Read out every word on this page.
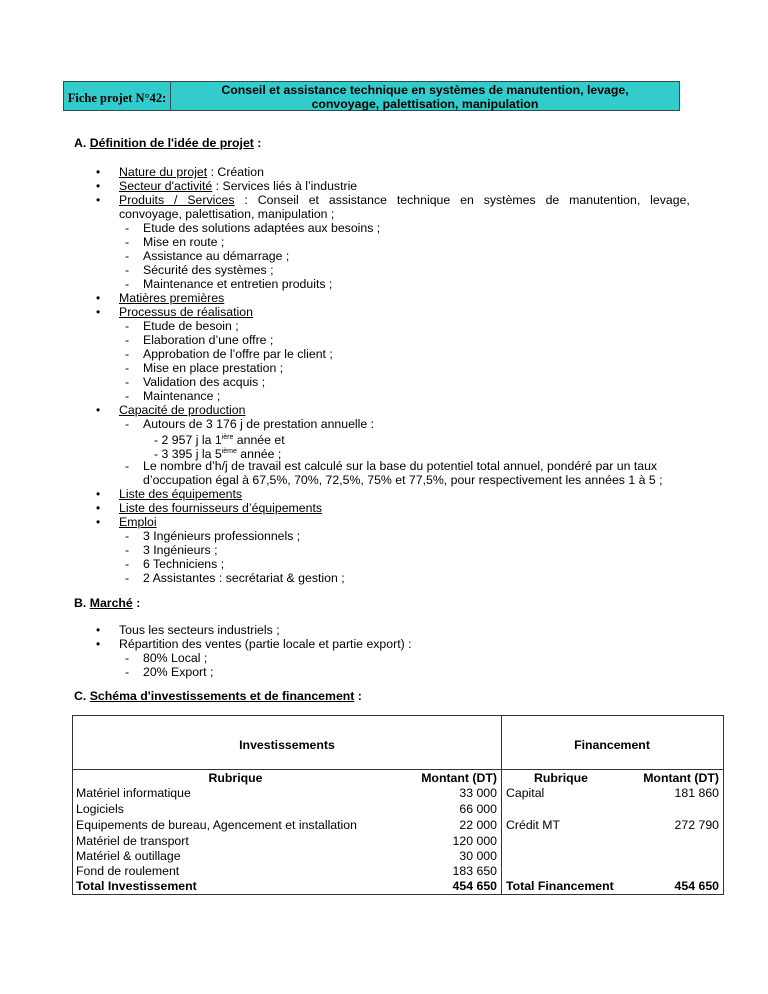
Fiche projet N°42:
Conseil et assistance technique en systèmes de manutention, levage,
convoyage, palettisation, manipulation
A. Définition de l'idée de projet :
• Nature du projet : Création
• Secteur d'activité : Services liés à l’industrie
• Produits / Services : Conseil et assistance technique en systèmes de manutention, levage,
convoyage, palettisation, manipulation ;
- Etude des solutions adaptées aux besoins ;
- Mise en route ;
- Assistance au démarrage ;
- Sécurité des systèmes ;
- Maintenance et entretien produits ;
• Matières premières
• Processus de réalisation
- Etude de besoin ;
- Elaboration d’une offre ;
- Approbation de l’offre par le client ;
- Mise en place prestation ;
- Validation des acquis ;
- Maintenance ;
• Capacité de production
- Autours de 3 176 j de prestation annuelle :
- 2 957 j la $1^{ière}$ année et
- 3 395 j la 5ième année ;
- Le nombre d’h/j de travail est calculé sur la base du potentiel total annuel, pondéré par un taux
d’occupation égal à 67,5%, 70%, 72,5%, 75% et 77,5%, pour respectivement les années 1 à 5 ;
• Liste des équipements
• Liste des fournisseurs d’équipements
• Emploi
- 3 Ingénieurs professionnels ;
- 3 Ingénieurs ;
- 6 Techniciens ;
- 2 Assistantes : secrétariat & gestion ;
B. Marché :
• Tous les secteurs industriels ;
• Répartition des ventes (partie locale et partie export) :
- 80% Local ;
- 20% Export ;
C. Schéma d'investissements et de financement :
Investissements	Financement
Rubrique	Montant (DT)	Rubrique	Montant (DT)
Matériel informatique	33 000 Capital	181 860
Logiciels	66 000
Equipements de bureau, Agencement et installation	22 000 Crédit MT	272 790
Matériel de transport	120 000
Matériel & outillage	30 000
Fond de roulement	183 650
Total Investissement	454 650 Total Financement	454 650
